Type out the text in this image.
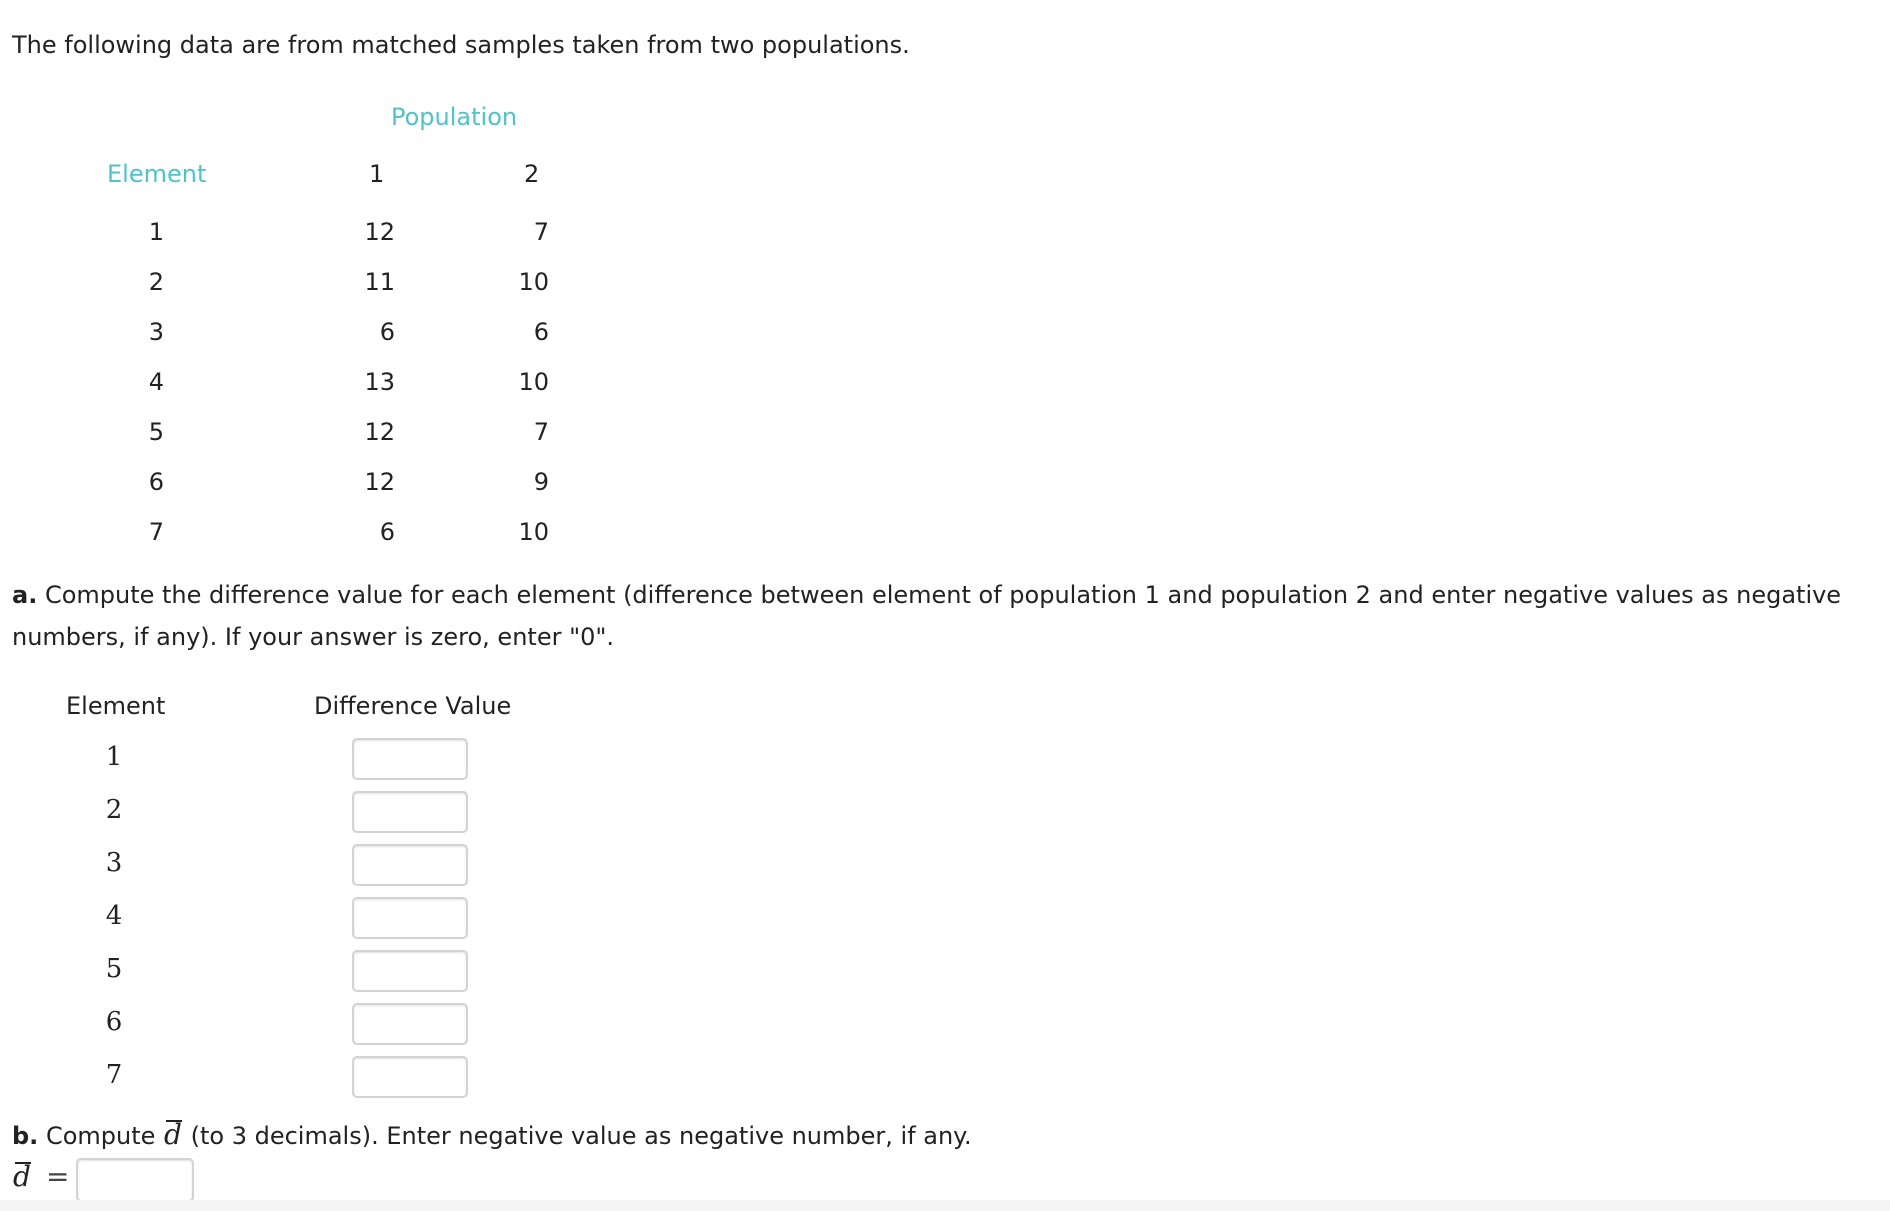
The following data are from matched samples taken from two populations.
Population
Element	1	2
1	12	7
2	11	10
3	6	6
4	13	10
5	12	7
6	12	9
7	6	10
a. Compute the difference value for each element (difference between element of population 1 and population 2 and enter negative values as negative numbers, if any). If your answer is zero, enter "0".
Element	Difference Value
1
2
3
4
5
6
7
b. Compute d (to 3 decimals). Enter negative value as negative number, if any.
d =
